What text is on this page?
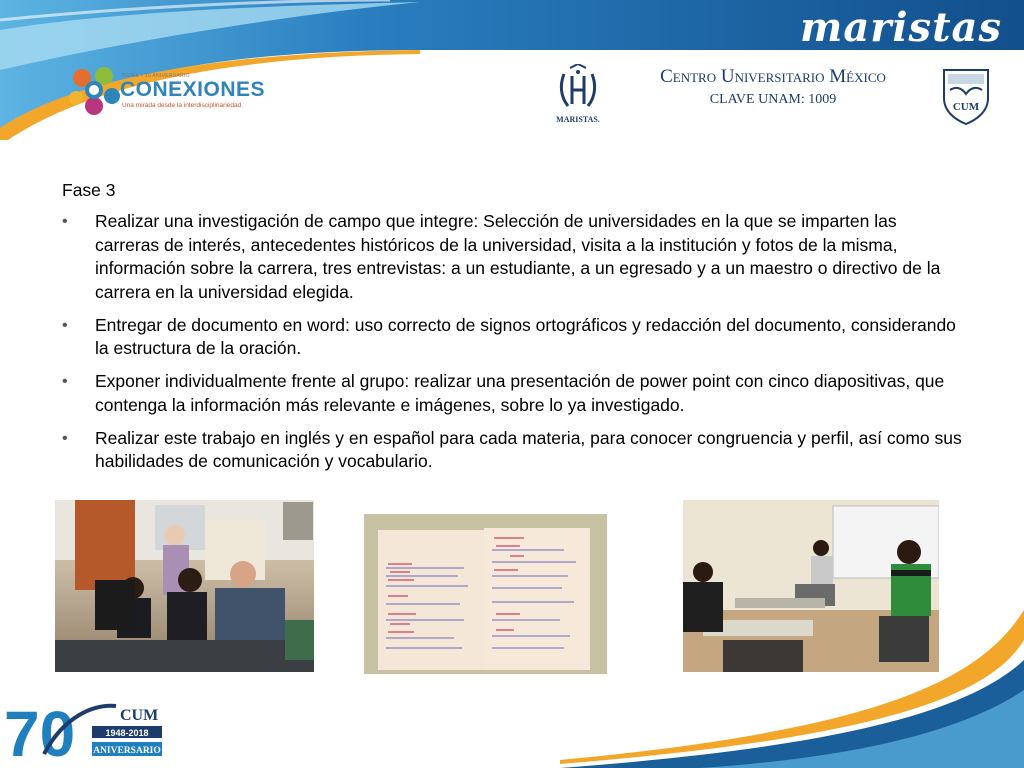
maristas
DGIRE • 10 ANIVERSARIO
CONEXIONES
Una mirada desde la interdisciplinariedad
MARISTAS.
Centro Universitario México
CLAVE UNAM: 1009	CUM
Fase 3
• Realizar una investigación de campo que integre: Selección de universidades en la que se imparten las carreras de interés, antecedentes históricos de la universidad, visita a la institución y fotos de la misma, información sobre la carrera, tres entrevistas: a un estudiante, a un egresado y a un maestro o directivo de la carrera en la universidad elegida.
• Entregar de documento en word: uso correcto de signos ortográficos y redacción del documento, considerando la estructura de la oración.
• Exponer individualmente frente al grupo: realizar una presentación de power point con cinco diapositivas, que contenga la información más relevante e imágenes, sobre lo ya investigado.
• Realizar este trabajo en inglés y en español para cada materia, para conocer congruencia y perfil, así como sus habilidades de comunicación y vocabulario.
70	CUM
1948-2018
ANIVERSARIO
